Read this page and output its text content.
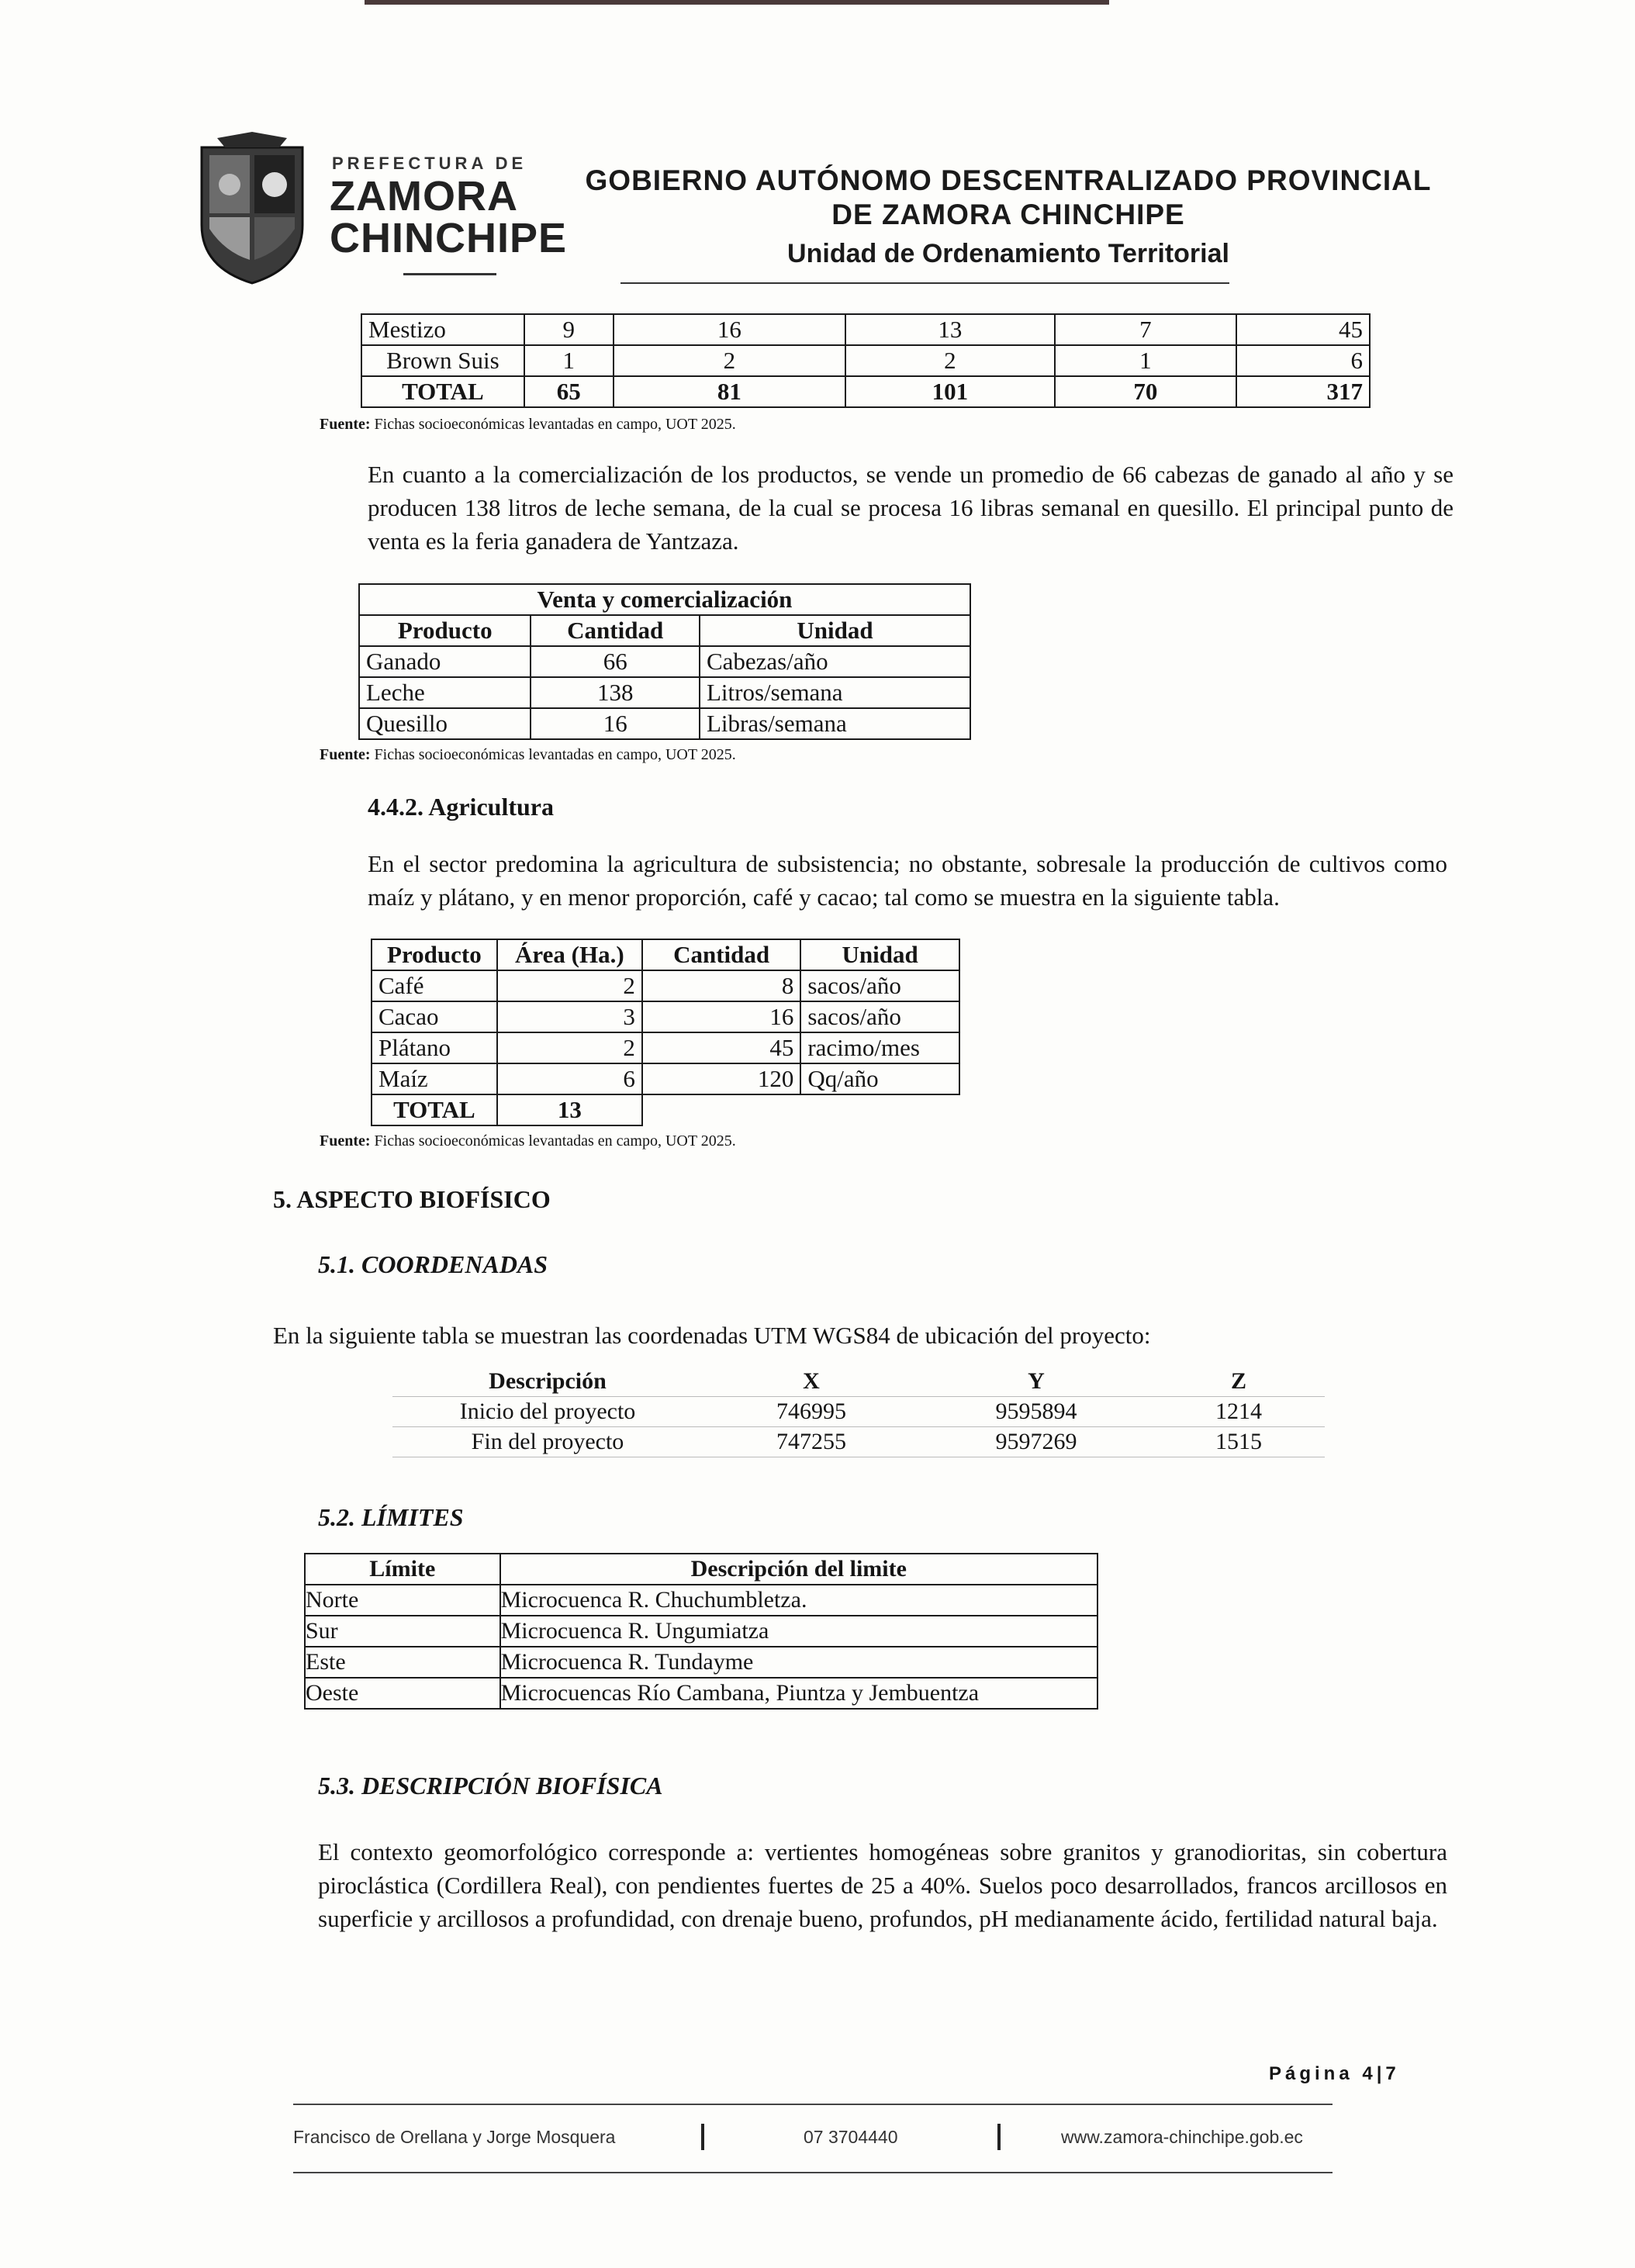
PREFECTURA DE
ZAMORA
CHINCHIPE
GOBIERNO AUTÓNOMO DESCENTRALIZADO PROVINCIAL
DE ZAMORA CHINCHIPE
Unidad de Ordenamiento Territorial
Mestizo	9	16	13	7	45
Brown Suis	1	2	2	1	6
TOTAL	65	81	101	70	317
Fuente: Fichas socioeconómicas levantadas en campo, UOT 2025.
En cuanto a la comercialización de los productos, se vende un promedio de 66 cabezas de ganado al año y se producen 138 litros de leche semana, de la cual se procesa 16 libras semanal en quesillo. El principal punto de venta es la feria ganadera de Yantzaza.
Venta y comercialización		
Producto	Cantidad	Unidad
Ganado	66	Cabezas/año
Leche	138	Litros/semana
Quesillo	16	Libras/semana
Fuente: Fichas socioeconómicas levantadas en campo, UOT 2025.
4.4.2. Agricultura
En el sector predomina la agricultura de subsistencia; no obstante, sobresale la producción de cultivos como maíz y plátano, y en menor proporción, café y cacao; tal como se muestra en la siguiente tabla.
Producto	Área (Ha.)	Cantidad	Unidad
Café	2	8	sacos/año
Cacao	3	16	sacos/año
Plátano	2	45	racimo/mes
Maíz	6	120	Qq/año
TOTAL	13		
Fuente: Fichas socioeconómicas levantadas en campo, UOT 2025.
5. ASPECTO BIOFÍSICO
5.1. COORDENADAS
En la siguiente tabla se muestran las coordenadas UTM WGS84 de ubicación del proyecto:
Descripción	X	Y	Z
Inicio del proyecto	746995	9595894	1214
Fin del proyecto	747255	9597269	1515
5.2. LÍMITES
Límite	Descripción del limite
Norte	Microcuenca R. Chuchumbletza.
Sur	Microcuenca R. Ungumiatza
Este	Microcuenca R. Tundayme
Oeste	Microcuencas Río Cambana, Piuntza y Jembuentza
5.3. DESCRIPCIÓN BIOFÍSICA
El contexto geomorfológico corresponde a: vertientes homogéneas sobre granitos y granodioritas, sin cobertura piroclástica (Cordillera Real), con pendientes fuertes de 25 a 40%. Suelos poco desarrollados, francos arcillosos en superficie y arcillosos a profundidad, con drenaje bueno, profundos, pH medianamente ácido, fertilidad natural baja.
Página 4|7
Francisco de Orellana y Jorge Mosquera	07 3704440	www.zamora-chinchipe.gob.ec
